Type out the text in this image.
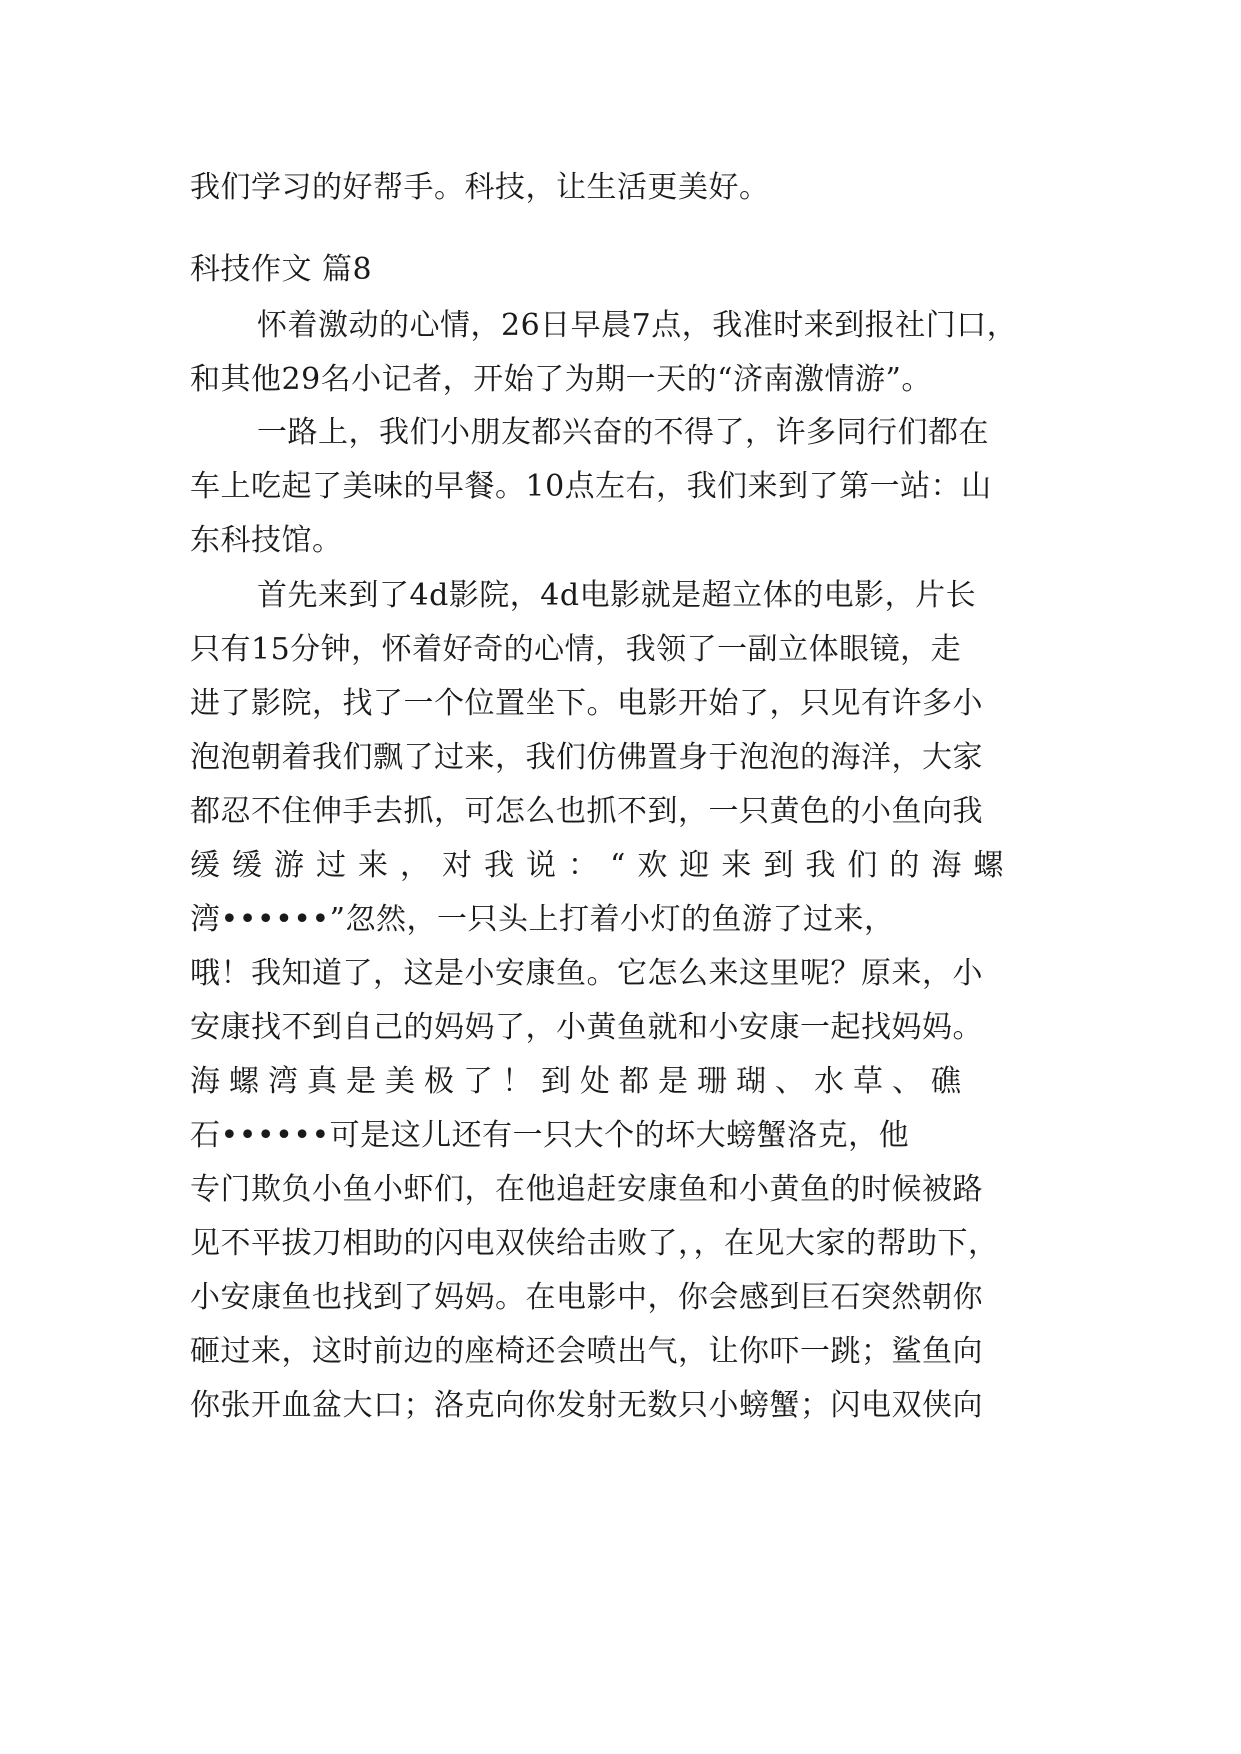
我们学习的好帮手。科技，让生活更美好。
科技作文 篇8
怀着激动的心情，26日早晨7点，我准时来到报社门口，
和其他29名小记者，开始了为期一天的“济南激情游”。
一路上，我们小朋友都兴奋的不得了，许多同行们都在
车上吃起了美味的早餐。10点左右，我们来到了第一站：山
东科技馆。
首先来到了4d影院，4d电影就是超立体的电影，片长
只有15分钟，怀着好奇的心情，我领了一副立体眼镜，走
进了影院，找了一个位置坐下。电影开始了，只见有许多小
泡泡朝着我们飘了过来，我们仿佛置身于泡泡的海洋，大家
都忍不住伸手去抓，可怎么也抓不到，一只黄色的小鱼向我
缓缓游过来，对我说：“欢迎来到我们的海螺
湾••••••”忽然，一只头上打着小灯的鱼游了过来，
哦！我知道了，这是小安康鱼。它怎么来这里呢？原来，小
安康找不到自己的妈妈了，小黄鱼就和小安康一起找妈妈。
海螺湾真是美极了！到处都是珊瑚、水草、礁
石••••••可是这儿还有一只大个的坏大螃蟹洛克，他
专门欺负小鱼小虾们，在他追赶安康鱼和小黄鱼的时候被路
见不平拔刀相助的闪电双侠给击败了，，在见大家的帮助下，
小安康鱼也找到了妈妈。在电影中，你会感到巨石突然朝你
砸过来，这时前边的座椅还会喷出气，让你吓一跳；鲨鱼向
你张开血盆大口；洛克向你发射无数只小螃蟹；闪电双侠向
